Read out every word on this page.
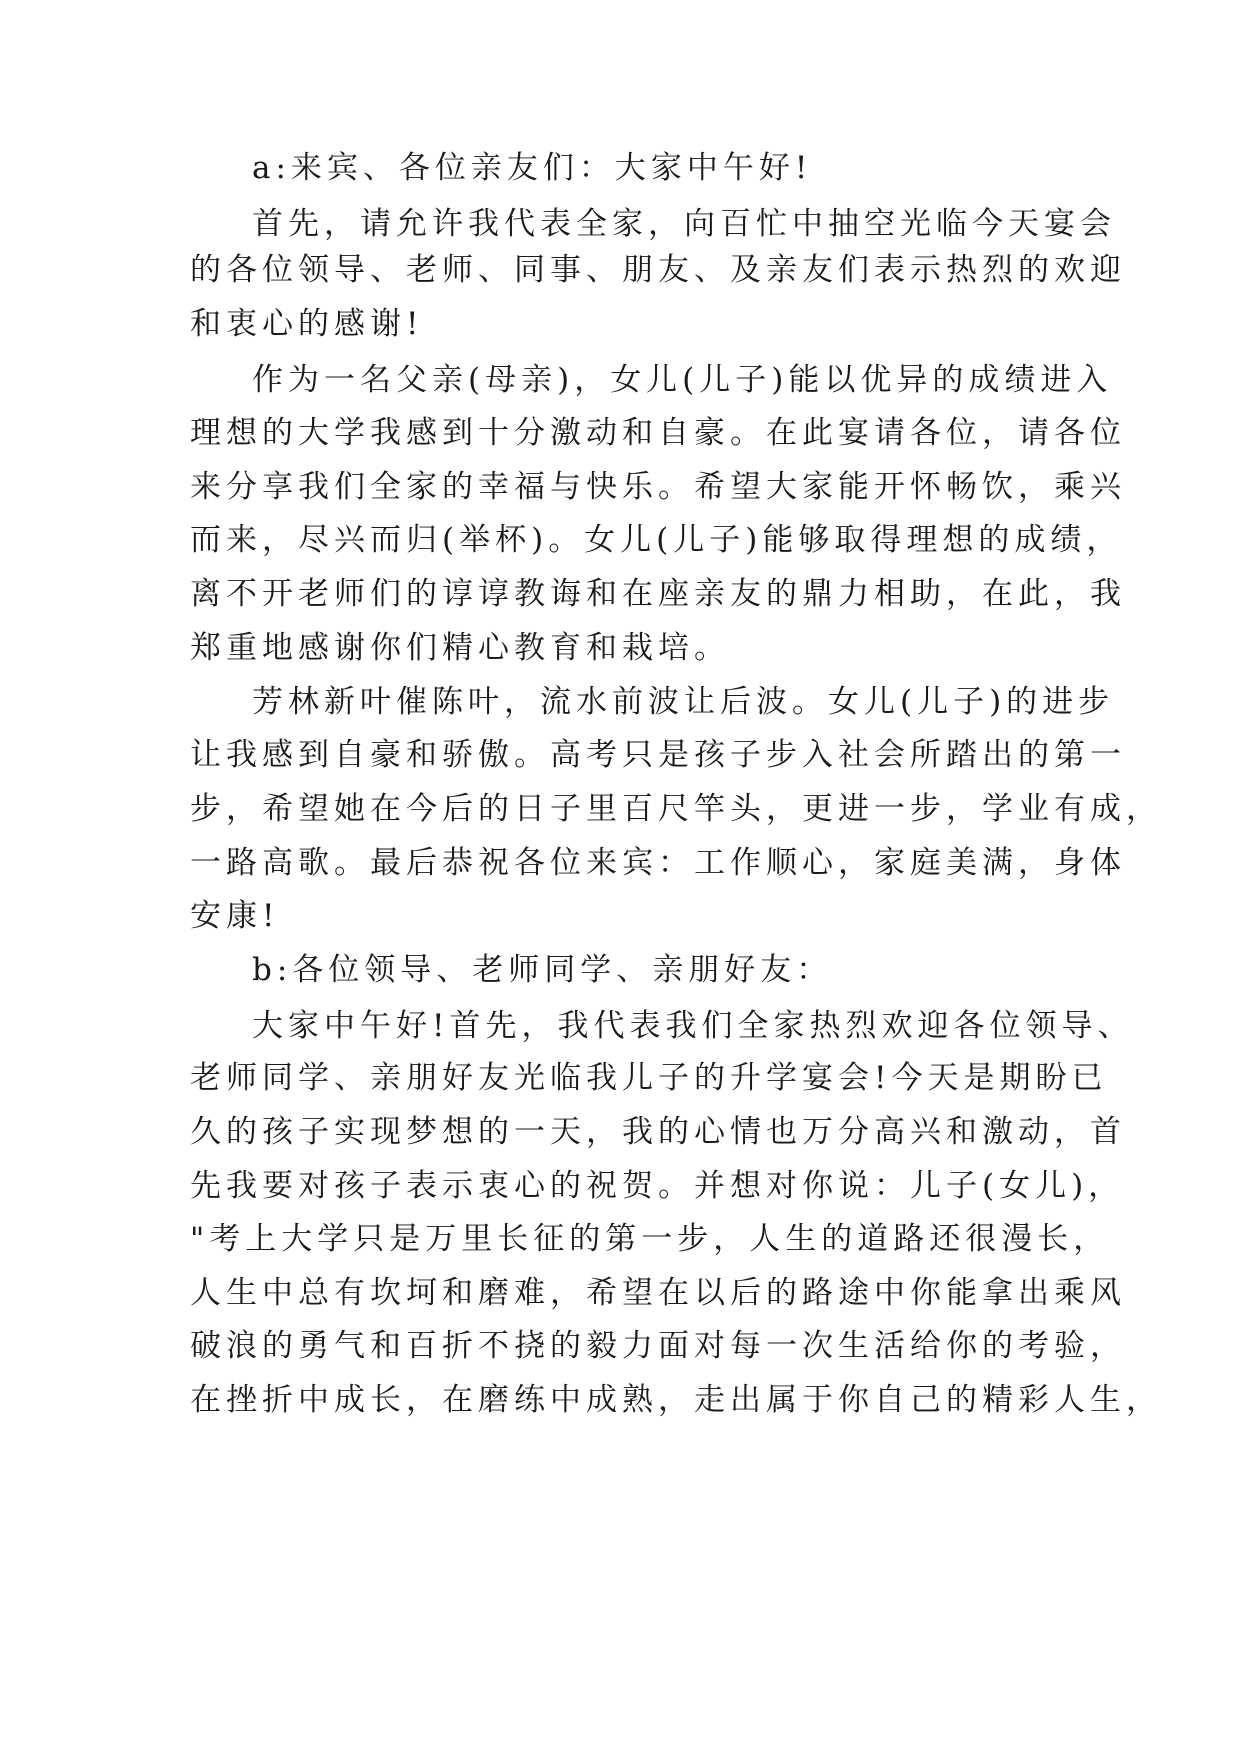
a:来宾、各位亲友们：大家中午好!

首先，请允许我代表全家，向百忙中抽空光临今天宴会

的各位领导、老师、同事、朋友、及亲友们表示热烈的欢迎

和衷心的感谢!

作为一名父亲(母亲)，女儿(儿子)能以优异的成绩进入

理想的大学我感到十分激动和自豪。在此宴请各位，请各位

来分享我们全家的幸福与快乐。希望大家能开怀畅饮，乘兴

而来，尽兴而归(举杯)。女儿(儿子)能够取得理想的成绩，

离不开老师们的谆谆教诲和在座亲友的鼎力相助，在此，我

郑重地感谢你们精心教育和栽培。

芳林新叶催陈叶，流水前波让后波。女儿(儿子)的进步

让我感到自豪和骄傲。高考只是孩子步入社会所踏出的第一

步，希望她在今后的日子里百尺竿头，更进一步，学业有成，

一路高歌。最后恭祝各位来宾：工作顺心，家庭美满，身体

安康!

b:各位领导、老师同学、亲朋好友：

大家中午好!首先，我代表我们全家热烈欢迎各位领导、

老师同学、亲朋好友光临我儿子的升学宴会!今天是期盼已

久的孩子实现梦想的一天，我的心情也万分高兴和激动，首

先我要对孩子表示衷心的祝贺。并想对你说：儿子(女儿)，

"考上大学只是万里长征的第一步，人生的道路还很漫长，

人生中总有坎坷和磨难，希望在以后的路途中你能拿出乘风

破浪的勇气和百折不挠的毅力面对每一次生活给你的考验，

在挫折中成长，在磨练中成熟，走出属于你自己的精彩人生，
